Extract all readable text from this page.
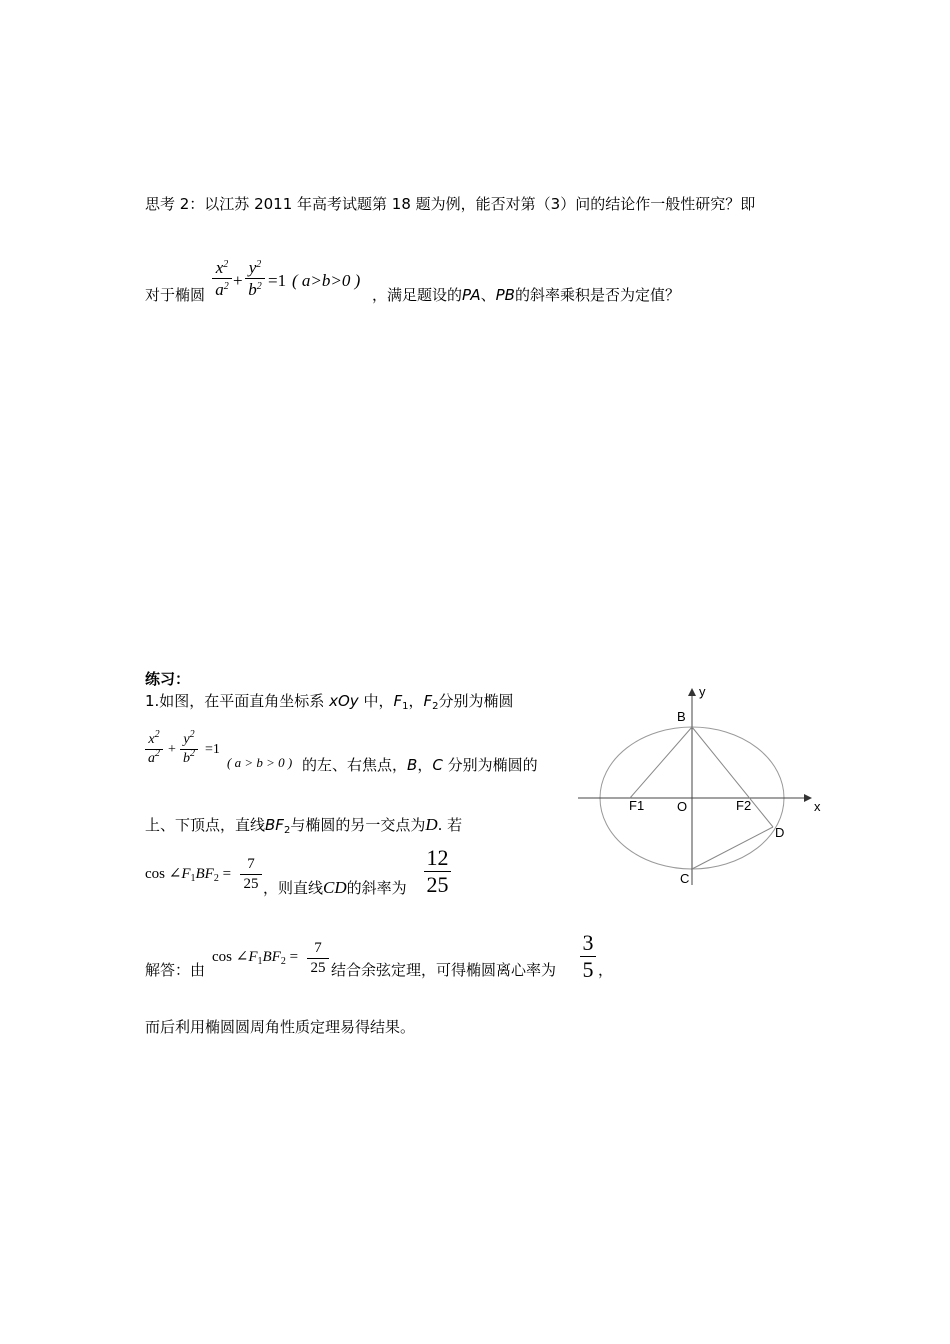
思考 2：以江苏 2011 年高考试题第 18 题为例，能否对第（3）问的结论作一般性研究？即
对于椭圆
$x^2$
$a^2$ +
$y^2$
$b^2 =1$ ( a>b>0 )
，满足题设的PA、PB的斜率乘积是否为定值？
练习：
1.如图，在平面直角坐标系 xOy 中，$F_1$，$F_2$分别为椭圆
$x^2$
$a^2$ +
$y^2$
$b^2 =1$
( a > b > 0 ) 的左、右焦点，B，C 分别为椭圆的
上、下顶点，直线$BF_2$与椭圆的另一交点为D. 若
$\cos \angle F_1BF_2$ =
7
25 ，则直线CD的斜率为
12
25
解答：由
$\cos \angle F_1BF_2$ =
7
25 结合余弦定理，可得椭圆离心率为
3
5 ，
而后利用椭圆圆周角性质定理易得结果。
y
B
F1	O	F2	x
D
C
